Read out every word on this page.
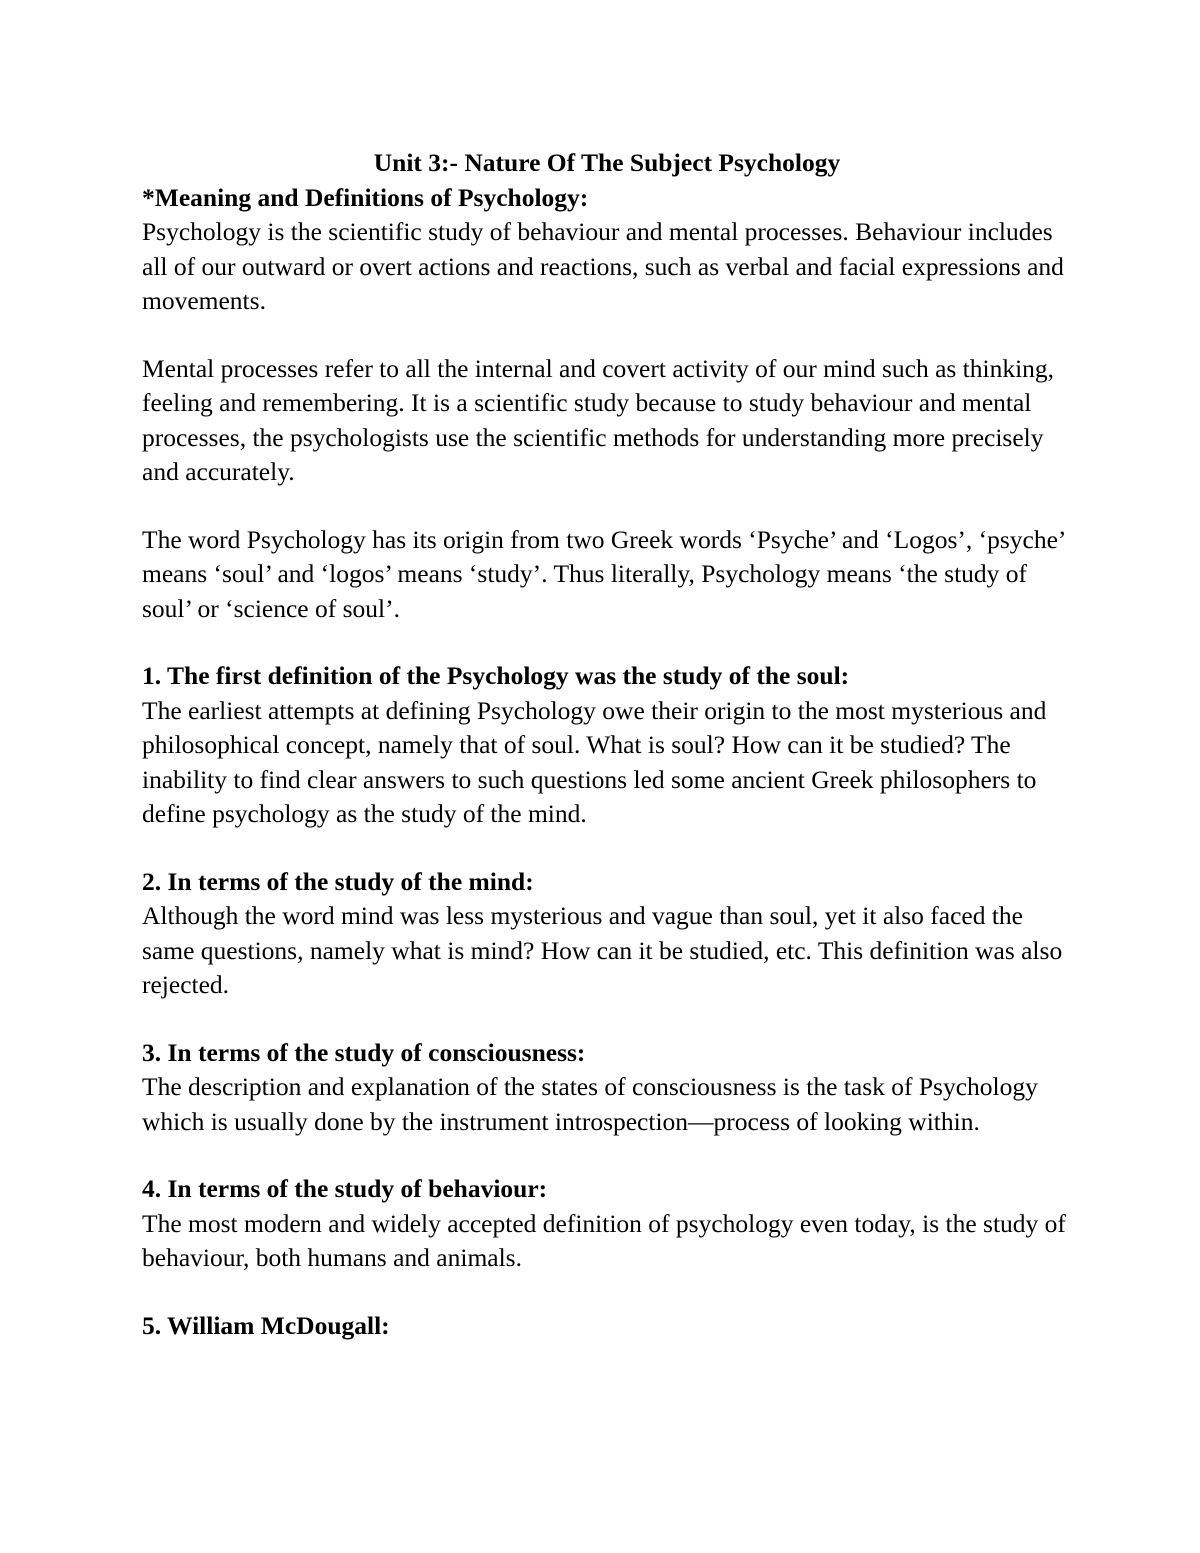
Unit 3:- Nature Of The Subject Psychology

*Meaning and Definitions of Psychology:

Psychology is the scientific study of behaviour and mental processes. Behaviour includes all of our outward or overt actions and reactions, such as verbal and facial expressions and movements.

Mental processes refer to all the internal and covert activity of our mind such as thinking, feeling and remembering. It is a scientific study because to study behaviour and mental processes, the psychologists use the scientific methods for understanding more precisely and accurately.

The word Psychology has its origin from two Greek words ‘Psyche’ and ‘Logos’, ‘psyche’ means ‘soul’ and ‘logos’ means ‘study’. Thus literally, Psychology means ‘the study of soul’ or ‘science of soul’.

1. The first definition of the Psychology was the study of the soul:

The earliest attempts at defining Psychology owe their origin to the most mysterious and philosophical concept, namely that of soul. What is soul? How can it be studied? The inability to find clear answers to such questions led some ancient Greek philosophers to define psychology as the study of the mind.

2. In terms of the study of the mind:

Although the word mind was less mysterious and vague than soul, yet it also faced the same questions, namely what is mind? How can it be studied, etc. This definition was also rejected.

3. In terms of the study of consciousness:

The description and explanation of the states of consciousness is the task of Psychology which is usually done by the instrument introspection—process of looking within.

4. In terms of the study of behaviour:

The most modern and widely accepted definition of psychology even today, is the study of behaviour, both humans and animals.

5. William McDougall:
